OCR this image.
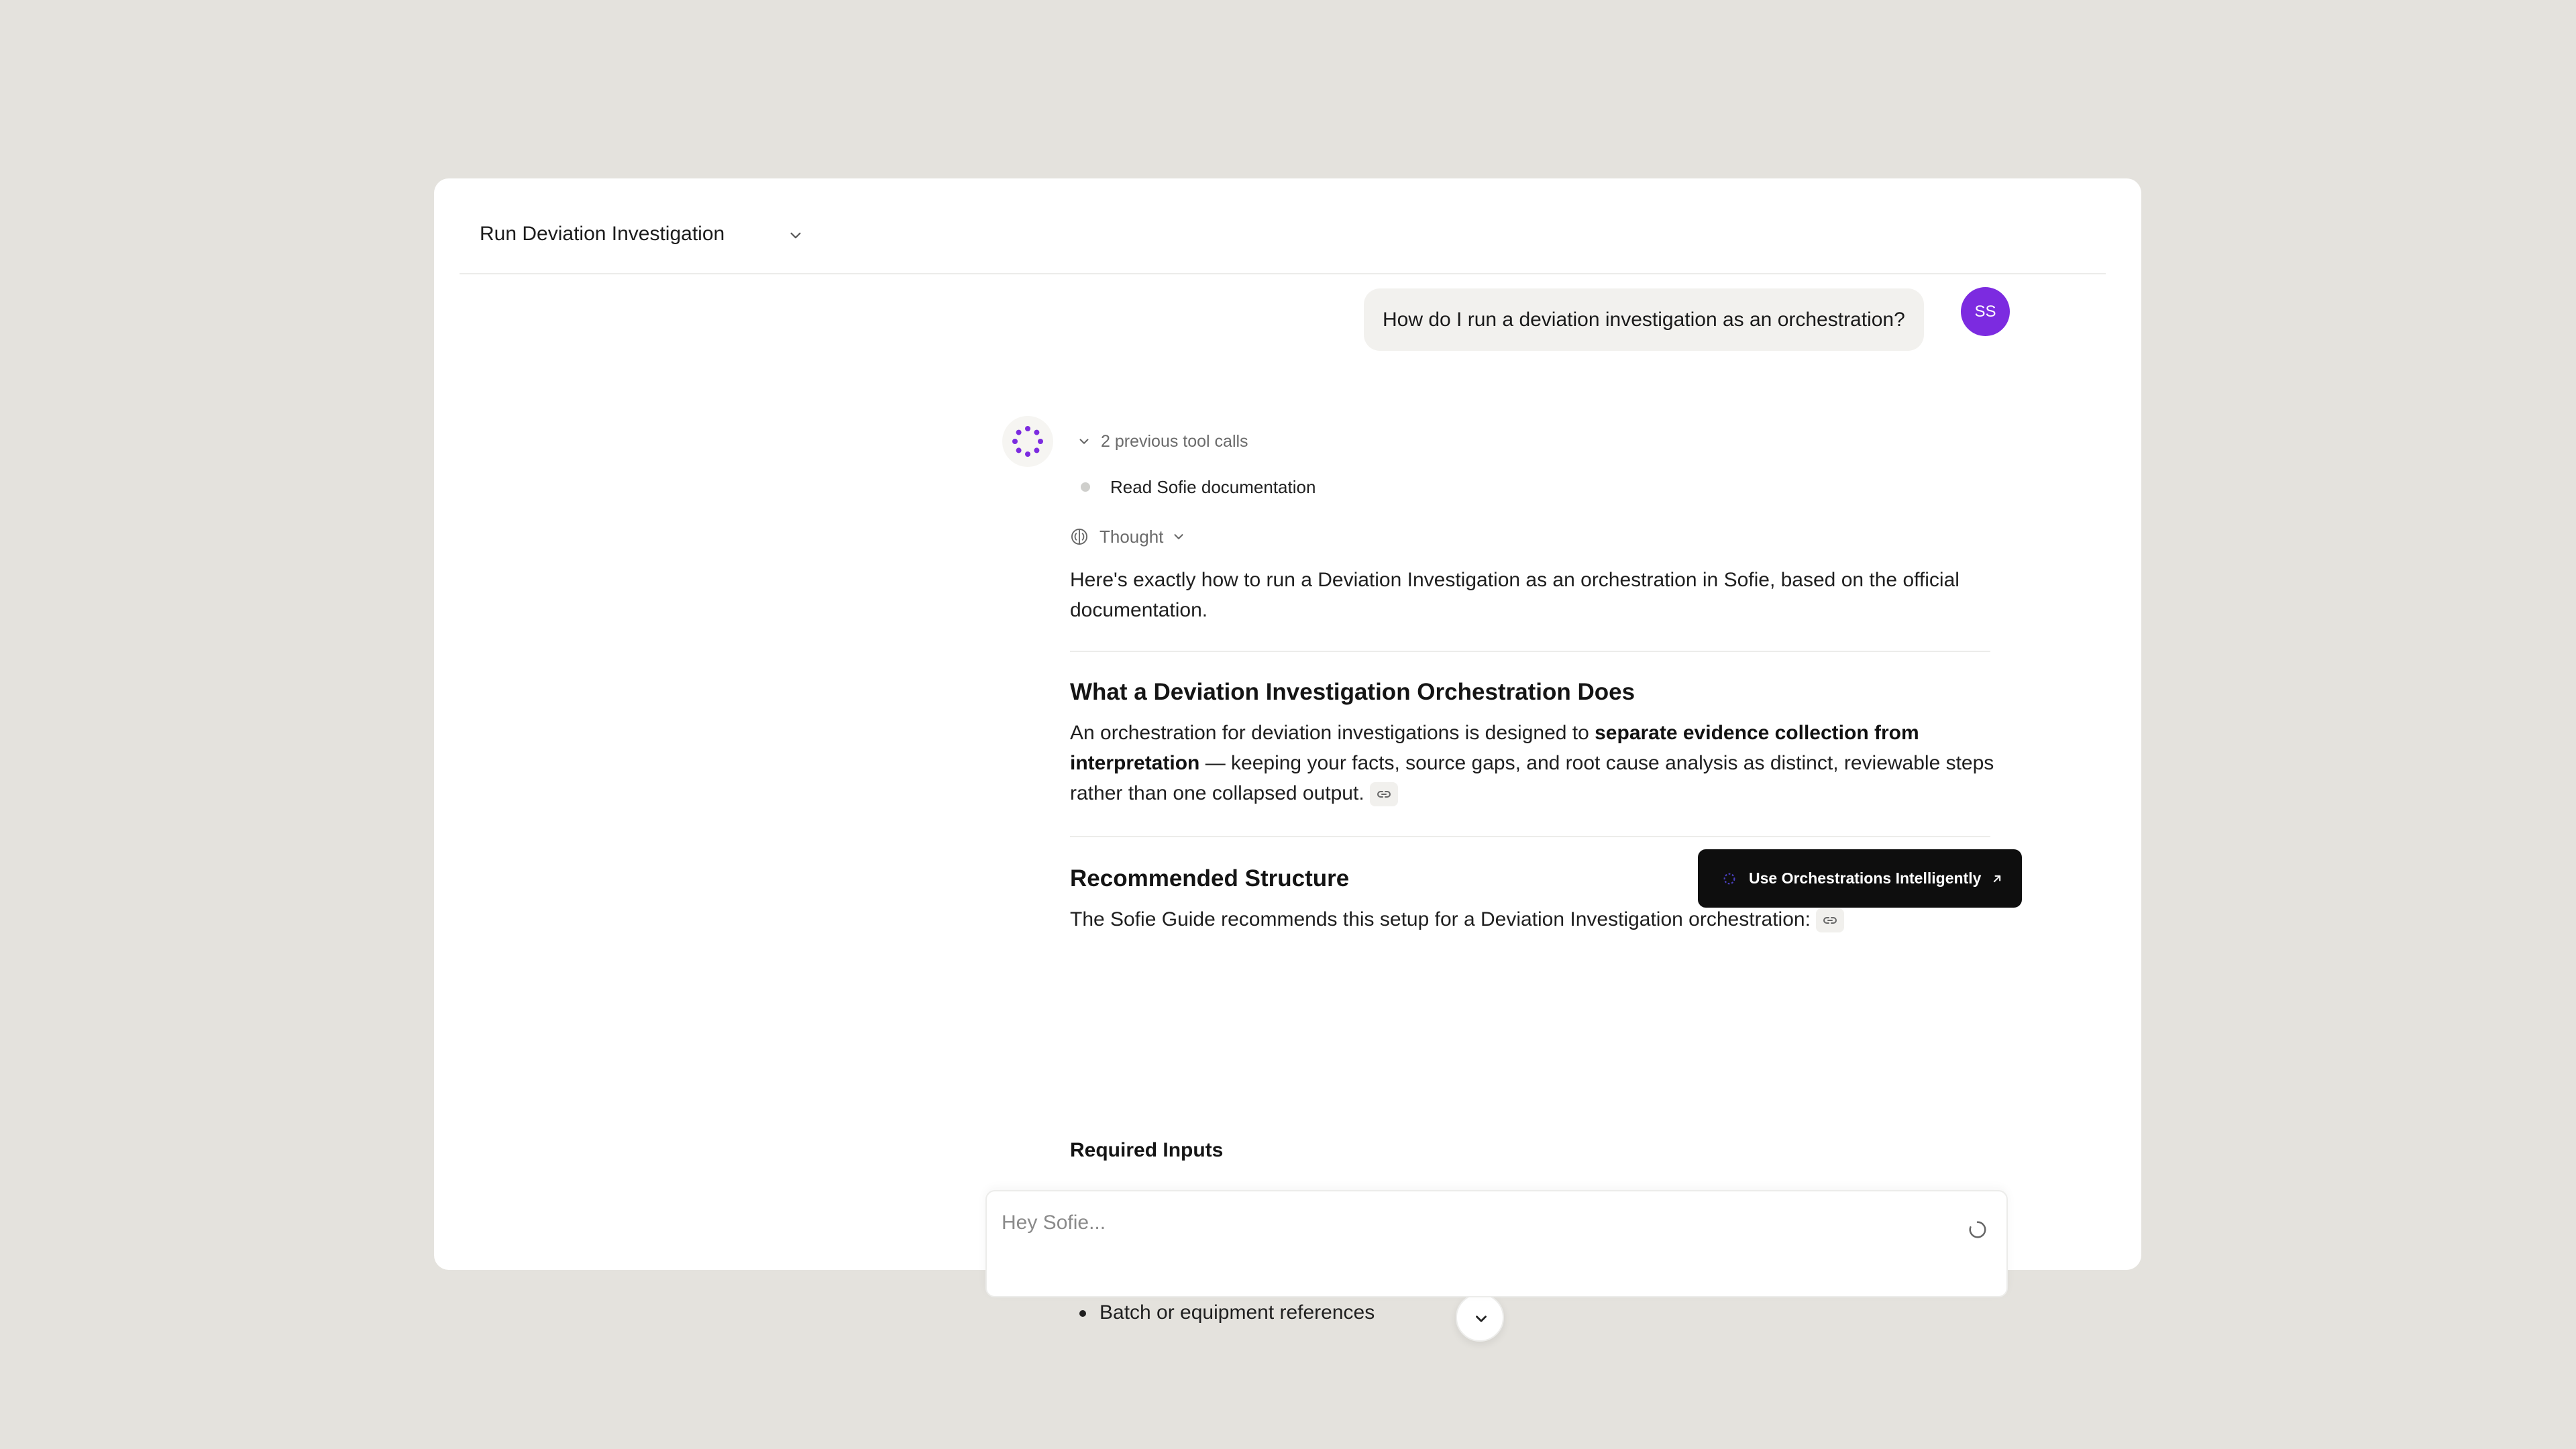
Run Deviation Investigation
How do I run a deviation investigation as an orchestration?	SS
2 previous tool calls
Read Sofie documentation
Thought
Here's exactly how to run a Deviation Investigation as an orchestration in Sofie, based on the official documentation.
What a Deviation Investigation Orchestration Does
An orchestration for deviation investigations is designed to separate evidence collection from interpretation — keeping your facts, source gaps, and root cause analysis as distinct, reviewable steps rather than one collapsed output.
Recommended Structure
The Sofie Guide recommends this setup for a Deviation Investigation orchestration:
Required Inputs
Batch or equipment references
Use Orchestrations Intelligently
Hey Sofie...
